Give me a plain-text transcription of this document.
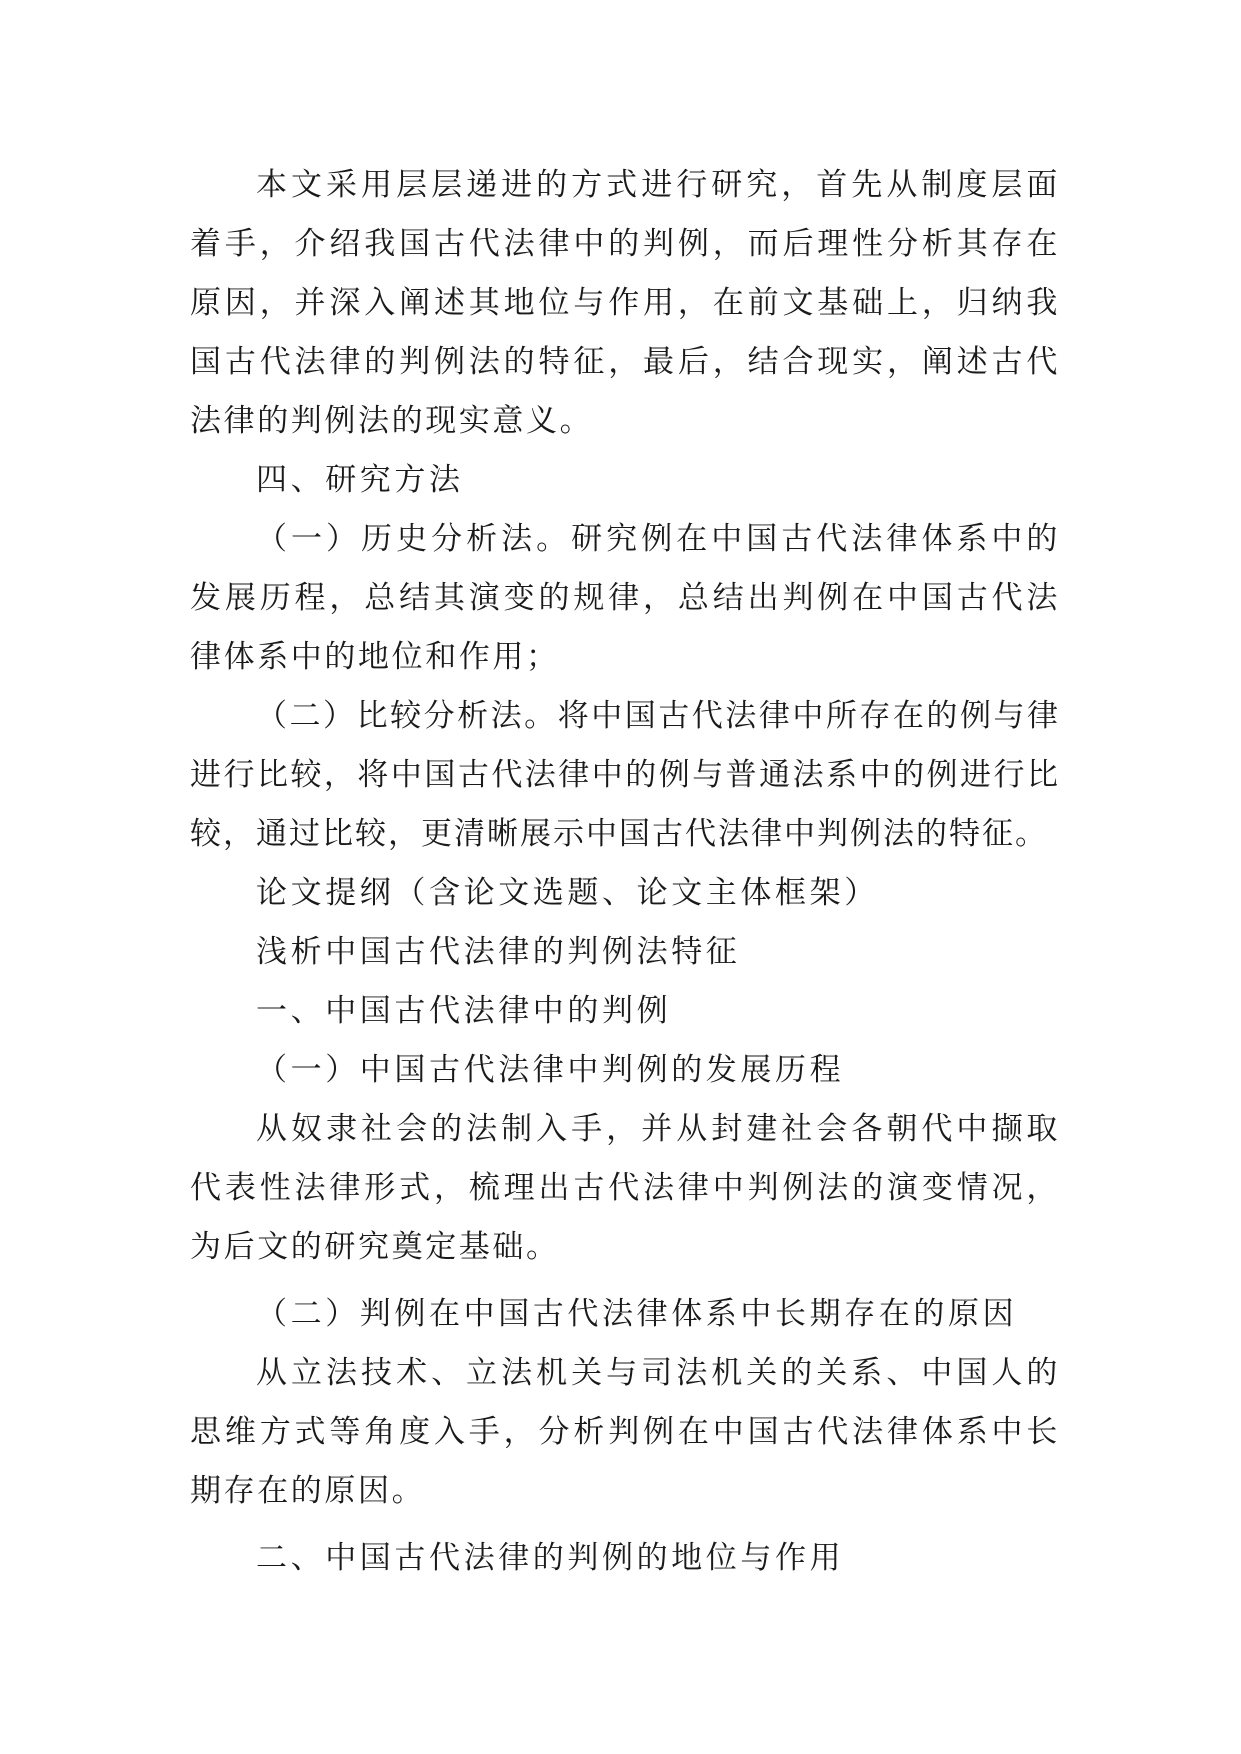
本文采用层层递进的方式进行研究，首先从制度层面着手，介绍我国古代法律中的判例，而后理性分析其存在原因，并深入阐述其地位与作用，在前文基础上，归纳我国古代法律的判例法的特征，最后，结合现实，阐述古代法律的判例法的现实意义。

四、研究方法

（一）历史分析法。研究例在中国古代法律体系中的发展历程，总结其演变的规律，总结出判例在中国古代法律体系中的地位和作用；

（二）比较分析法。将中国古代法律中所存在的例与律进行比较，将中国古代法律中的例与普通法系中的例进行比较，通过比较，更清晰展示中国古代法律中判例法的特征。

论文提纲（含论文选题、论文主体框架）

浅析中国古代法律的判例法特征

一、中国古代法律中的判例

（一）中国古代法律中判例的发展历程

从奴隶社会的法制入手，并从封建社会各朝代中撷取代表性法律形式，梳理出古代法律中判例法的演变情况，为后文的研究奠定基础。

（二）判例在中国古代法律体系中长期存在的原因

从立法技术、立法机关与司法机关的关系、中国人的思维方式等角度入手，分析判例在中国古代法律体系中长期存在的原因。

二、中国古代法律的判例的地位与作用
